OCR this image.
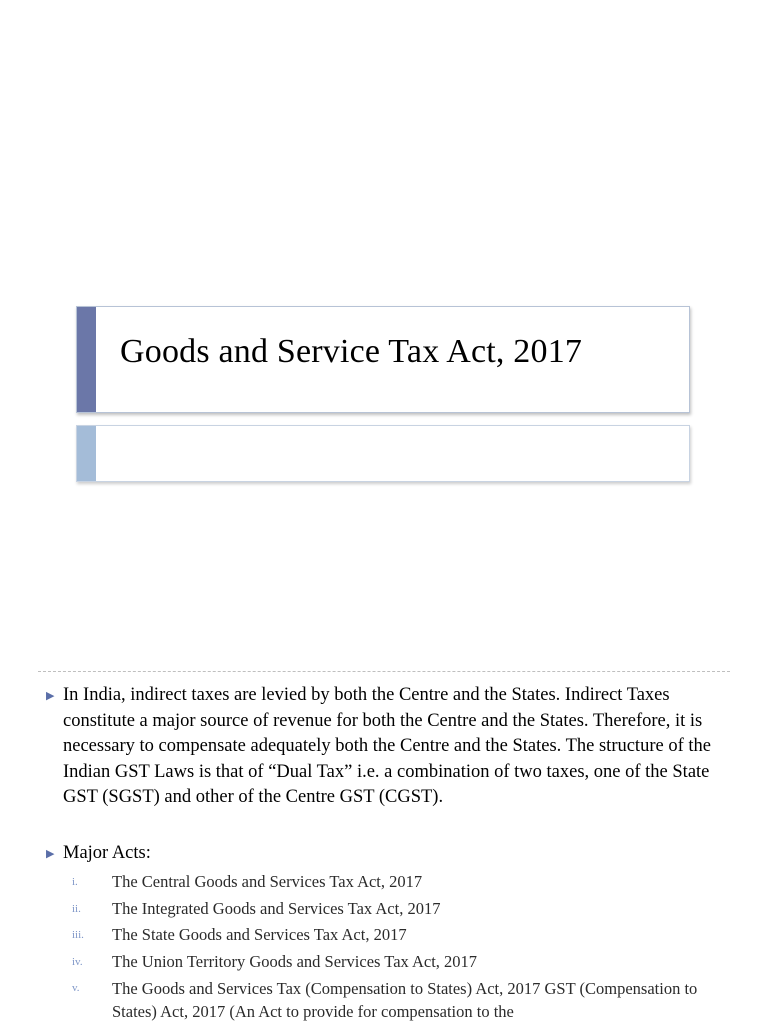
Goods and Service Tax Act, 2017
▶ In India, indirect taxes are levied by both the Centre and the States. Indirect Taxes constitute a major source of revenue for both the Centre and the States. Therefore, it is necessary to compensate adequately both the Centre and the States. The structure of the Indian GST Laws is that of “Dual Tax” i.e. a combination of two taxes, one of the State GST (SGST) and other of the Centre GST (CGST).
▶ Major Acts:
i.	The Central Goods and Services Tax Act, 2017
ii.	The Integrated Goods and Services Tax Act, 2017
iii.	The State Goods and Services Tax Act, 2017
iv.	The Union Territory Goods and Services Tax Act, 2017
v.	The Goods and Services Tax (Compensation to States) Act, 2017 GST (Compensation to States) Act, 2017 (An Act to provide for compensation to the
